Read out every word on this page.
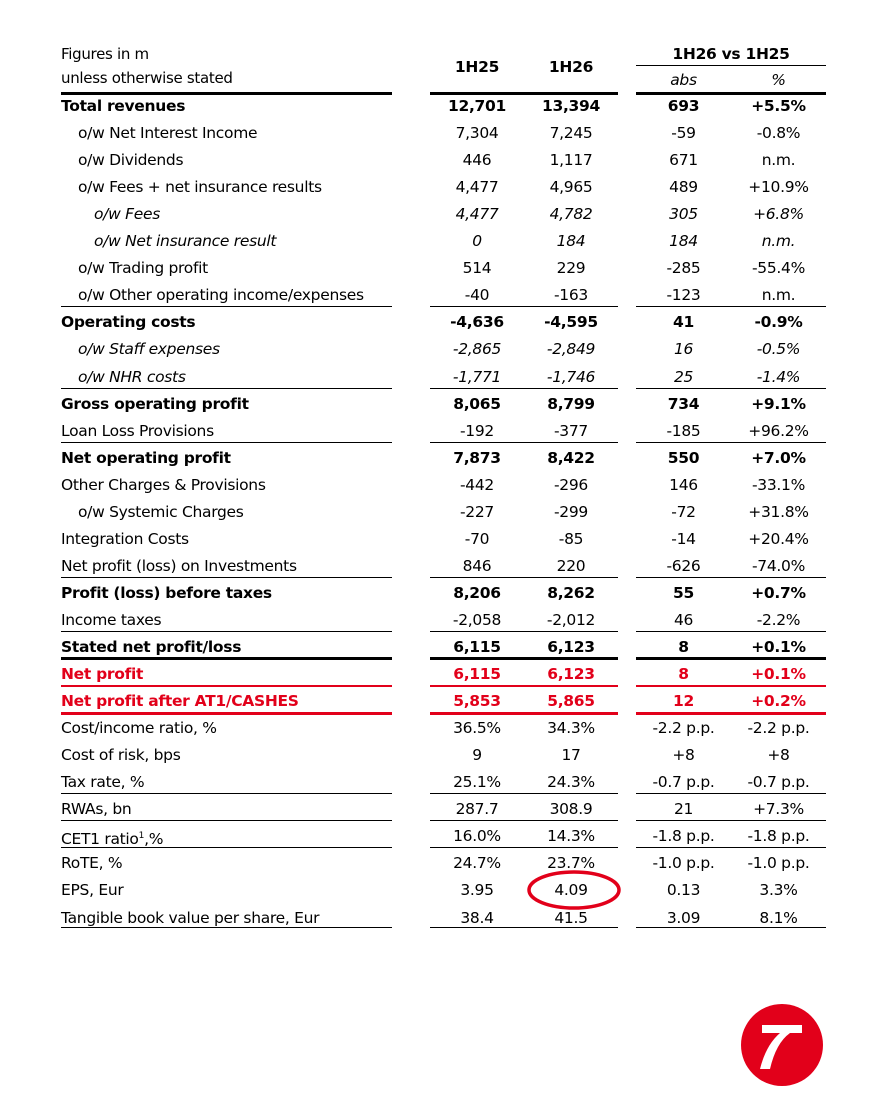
Figures in m
unless otherwise stated
1H25	1H26
1H26 vs 1H25
abs	%
Total revenues	12,701	13,394	693	+5.5%
o/w Net Interest Income	7,304	7,245	-59	-0.8%
o/w Dividends	446	1,117	671	n.m.
o/w Fees + net insurance results	4,477	4,965	489	+10.9%
o/w Fees	4,477	4,782	305	+6.8%
o/w Net insurance result	0	184	184	n.m.
o/w Trading profit	514	229	-285	-55.4%
o/w Other operating income/expenses	-40	-163	-123	n.m.
Operating costs	-4,636	-4,595	41	-0.9%
o/w Staff expenses	-2,865	-2,849	16	-0.5%
o/w NHR costs	-1,771	-1,746	25	-1.4%
Gross operating profit	8,065	8,799	734	+9.1%
Loan Loss Provisions	-192	-377	-185	+96.2%
Net operating profit	7,873	8,422	550	+7.0%
Other Charges & Provisions	-442	-296	146	-33.1%
o/w Systemic Charges	-227	-299	-72	+31.8%
Integration Costs	-70	-85	-14	+20.4%
Net profit (loss) on Investments	846	220	-626	-74.0%
Profit (loss) before taxes	8,206	8,262	55	+0.7%
Income taxes	-2,058	-2,012	46	-2.2%
Stated net profit/loss	6,115	6,123	8	+0.1%
Net profit	6,115	6,123	8	+0.1%
Net profit after AT1/CASHES	5,853	5,865	12	+0.2%
Cost/income ratio, %	36.5%	34.3%	-2.2 p.p.	-2.2 p.p.
Cost of risk, bps	9	17	+8	+8
Tax rate, %	25.1%	24.3%	-0.7 p.p.	-0.7 p.p.
RWAs, bn	287.7	308.9	21	+7.3%
CET1 ratio$^1$,%	16.0%	14.3%	-1.8 p.p.	-1.8 p.p.
RoTE, %	24.7%	23.7%	-1.0 p.p.	-1.0 p.p.
EPS, Eur	3.95	4.09	0.13	3.3%
Tangible book value per share, Eur	38.4	41.5	3.09	8.1%
